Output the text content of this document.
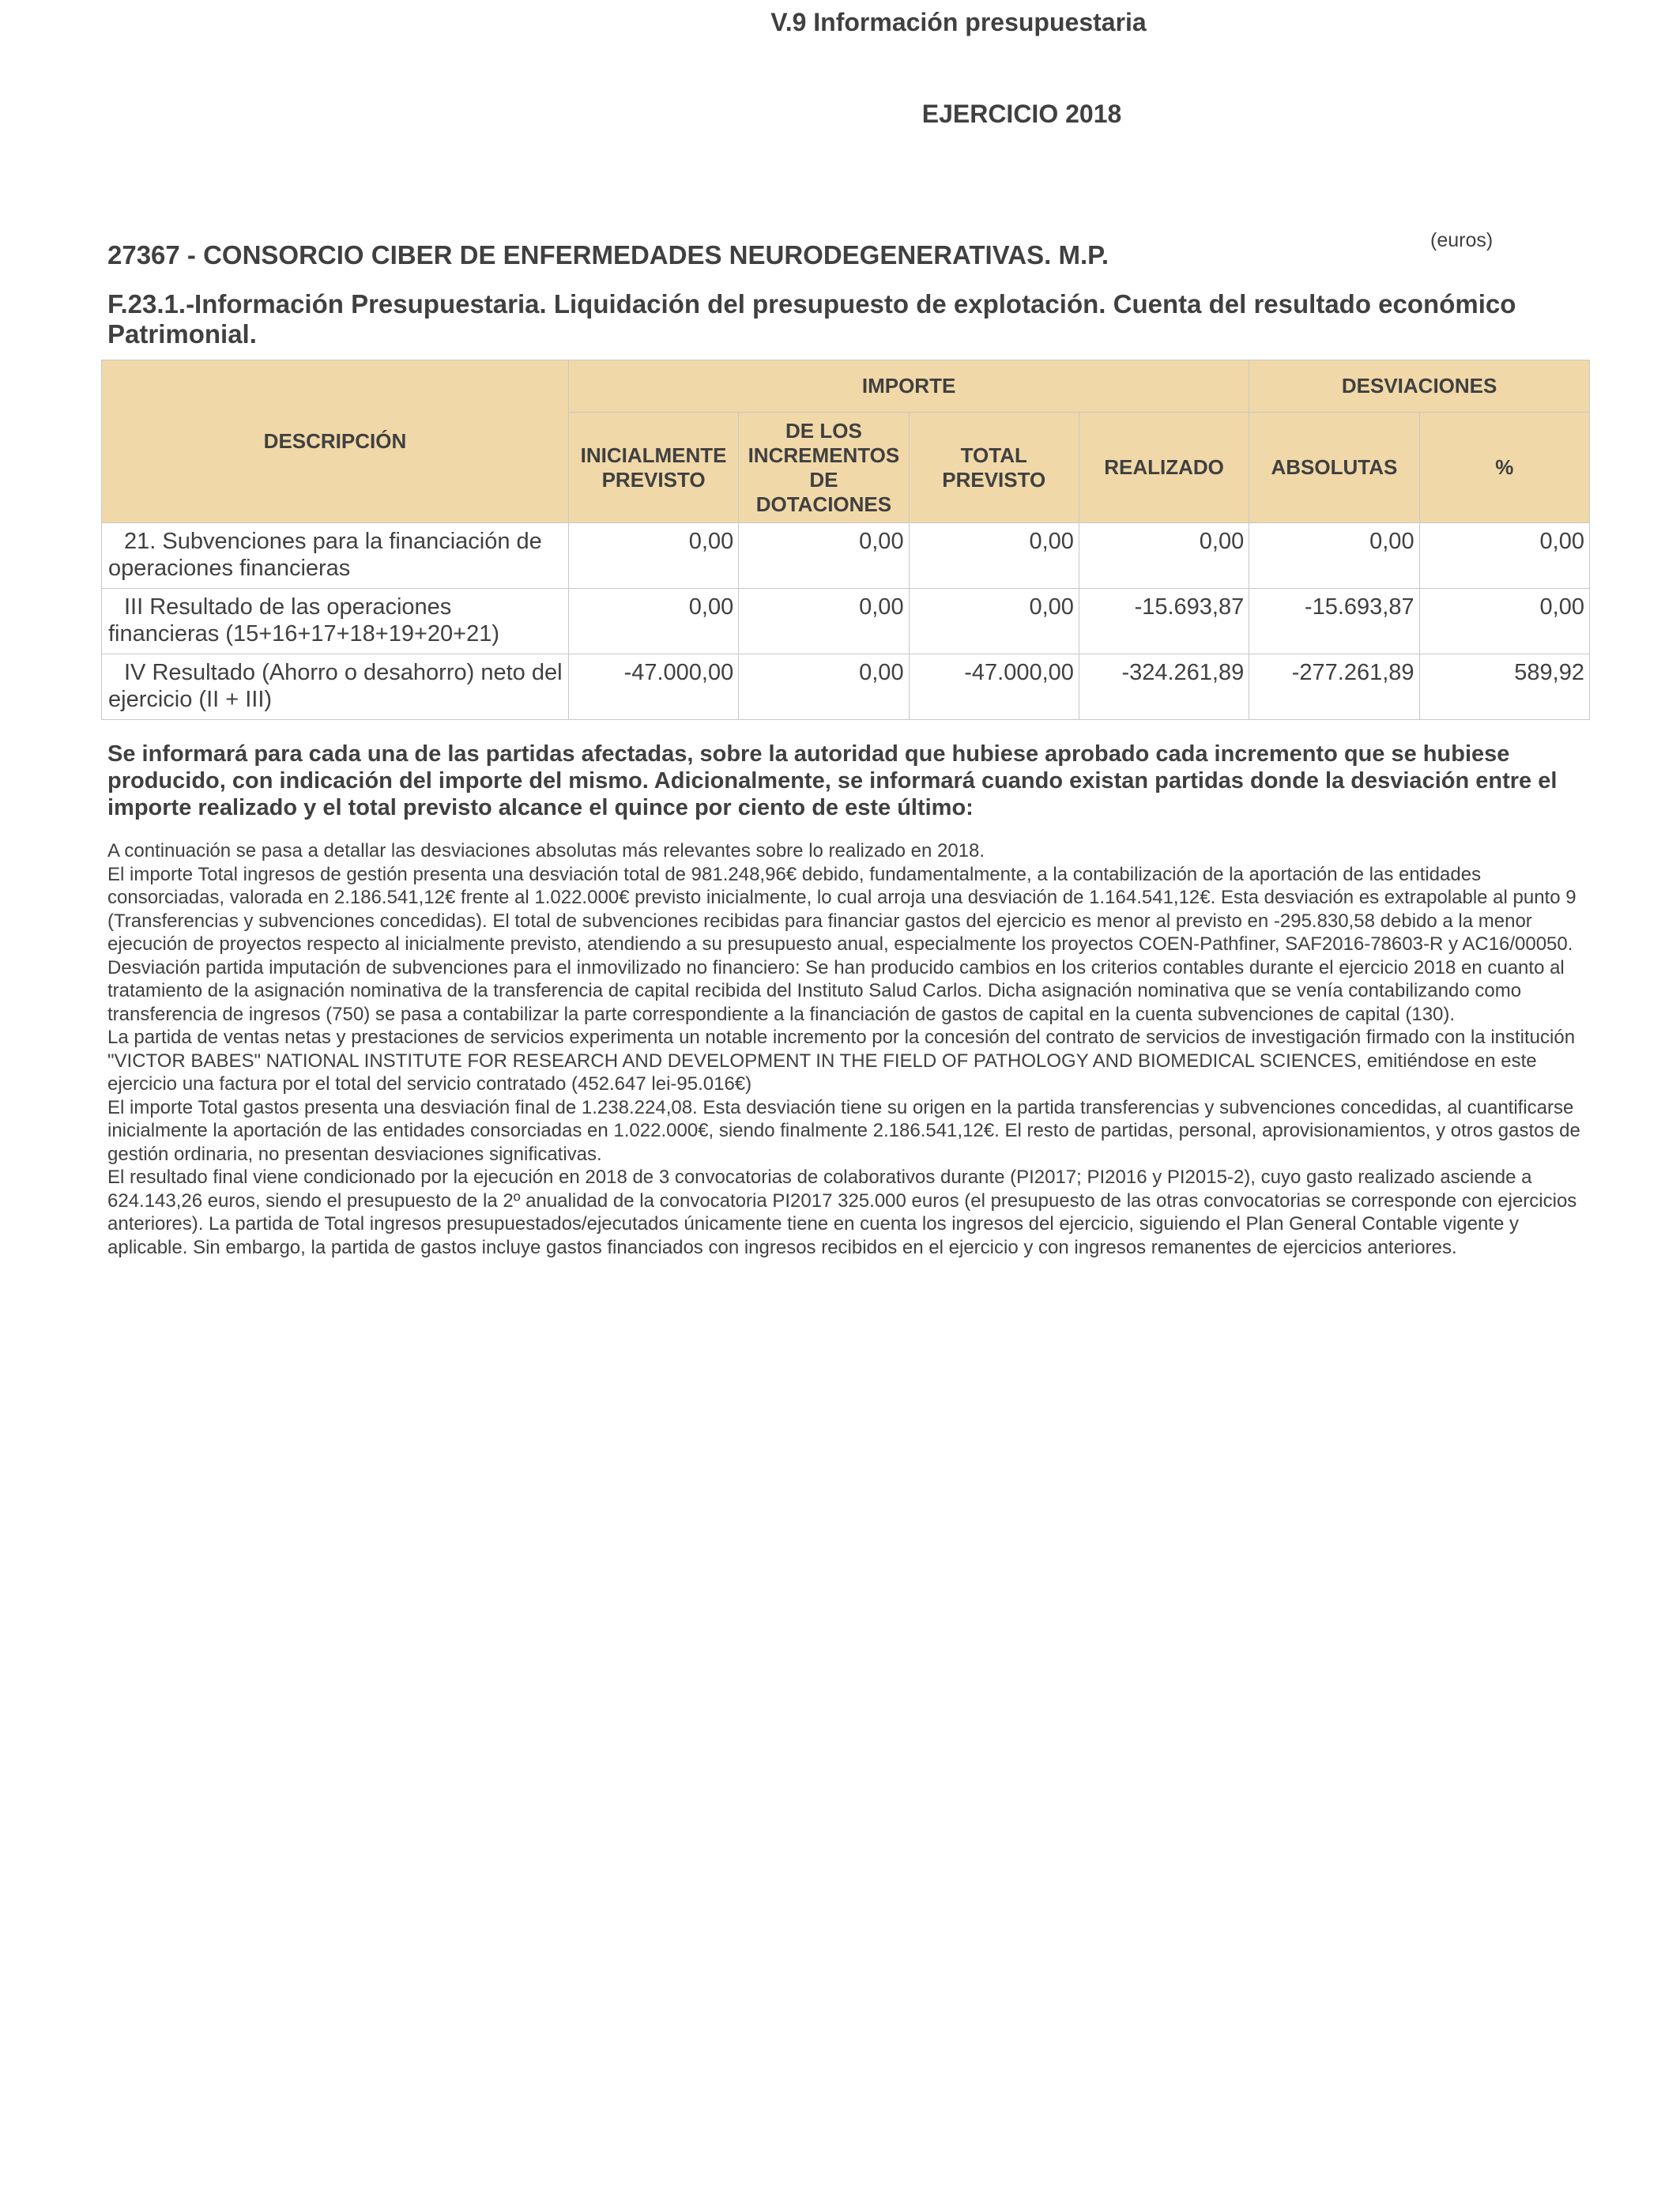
V.9 Información presupuestaria
EJERCICIO 2018
(euros)
27367 - CONSORCIO CIBER DE ENFERMEDADES NEURODEGENERATIVAS. M.P.
F.23.1.-Información Presupuestaria. Liquidación del presupuesto de explotación. Cuenta del resultado económico Patrimonial.
DESCRIPCIÓN	IMPORTE				DESVIACIONES	
	INICIALMENTE PREVISTO	DE LOS INCREMENTOS DE DOTACIONES	TOTAL PREVISTO	REALIZADO	ABSOLUTAS	%
21. Subvenciones para la financiación de operaciones financieras	0,00	0,00	0,00	0,00	0,00	0,00
III Resultado de las operaciones financieras (15+16+17+18+19+20+21)	0,00	0,00	0,00	-15.693,87	-15.693,87	0,00
IV Resultado (Ahorro o desahorro) neto del ejercicio (II + III)	-47.000,00	0,00	-47.000,00	-324.261,89	-277.261,89	589,92
Se informará para cada una de las partidas afectadas, sobre la autoridad que hubiese aprobado cada incremento que se hubiese producido, con indicación del importe del mismo. Adicionalmente, se informará cuando existan partidas donde la desviación entre el importe realizado y el total previsto alcance el quince por ciento de este último:

A continuación se pasa a detallar las desviaciones absolutas más relevantes sobre lo realizado en 2018.

El importe Total ingresos de gestión presenta una desviación total de 981.248,96€ debido, fundamentalmente, a la contabilización de la aportación de las entidades consorciadas, valorada en 2.186.541,12€ frente al 1.022.000€ previsto inicialmente, lo cual arroja una desviación de 1.164.541,12€. Esta desviación es extrapolable al punto 9 (Transferencias y subvenciones concedidas). El total de subvenciones recibidas para financiar gastos del ejercicio es menor al previsto en -295.830,58 debido a la menor ejecución de proyectos respecto al inicialmente previsto, atendiendo a su presupuesto anual, especialmente los proyectos COEN-Pathfiner, SAF2016-78603-R y AC16/00050.

Desviación partida imputación de subvenciones para el inmovilizado no financiero: Se han producido cambios en los criterios contables durante el ejercicio 2018 en cuanto al tratamiento de la asignación nominativa de la transferencia de capital recibida del Instituto Salud Carlos. Dicha asignación nominativa que se venía contabilizando como transferencia de ingresos (750) se pasa a contabilizar la parte correspondiente a la financiación de gastos de capital en la cuenta subvenciones de capital (130).

La partida de ventas netas y prestaciones de servicios experimenta un notable incremento por la concesión del contrato de servicios de investigación firmado con la institución "VICTOR BABES" NATIONAL INSTITUTE FOR RESEARCH AND DEVELOPMENT IN THE FIELD OF PATHOLOGY AND BIOMEDICAL SCIENCES, emitiéndose en este ejercicio una factura por el total del servicio contratado (452.647 lei-95.016€)

El importe Total gastos presenta una desviación final de 1.238.224,08. Esta desviación tiene su origen en la partida transferencias y subvenciones concedidas, al cuantificarse inicialmente la aportación de las entidades consorciadas en 1.022.000€, siendo finalmente 2.186.541,12€. El resto de partidas, personal, aprovisionamientos, y otros gastos de gestión ordinaria, no presentan desviaciones significativas.

El resultado final viene condicionado por la ejecución en 2018 de 3 convocatorias de colaborativos durante (PI2017; PI2016 y PI2015-2), cuyo gasto realizado asciende a 624.143,26 euros, siendo el presupuesto de la 2º anualidad de la convocatoria PI2017 325.000 euros (el presupuesto de las otras convocatorias se corresponde con ejercicios anteriores). La partida de Total ingresos presupuestados/ejecutados únicamente tiene en cuenta los ingresos del ejercicio, siguiendo el Plan General Contable vigente y aplicable. Sin embargo, la partida de gastos incluye gastos financiados con ingresos recibidos en el ejercicio y con ingresos remanentes de ejercicios anteriores.
